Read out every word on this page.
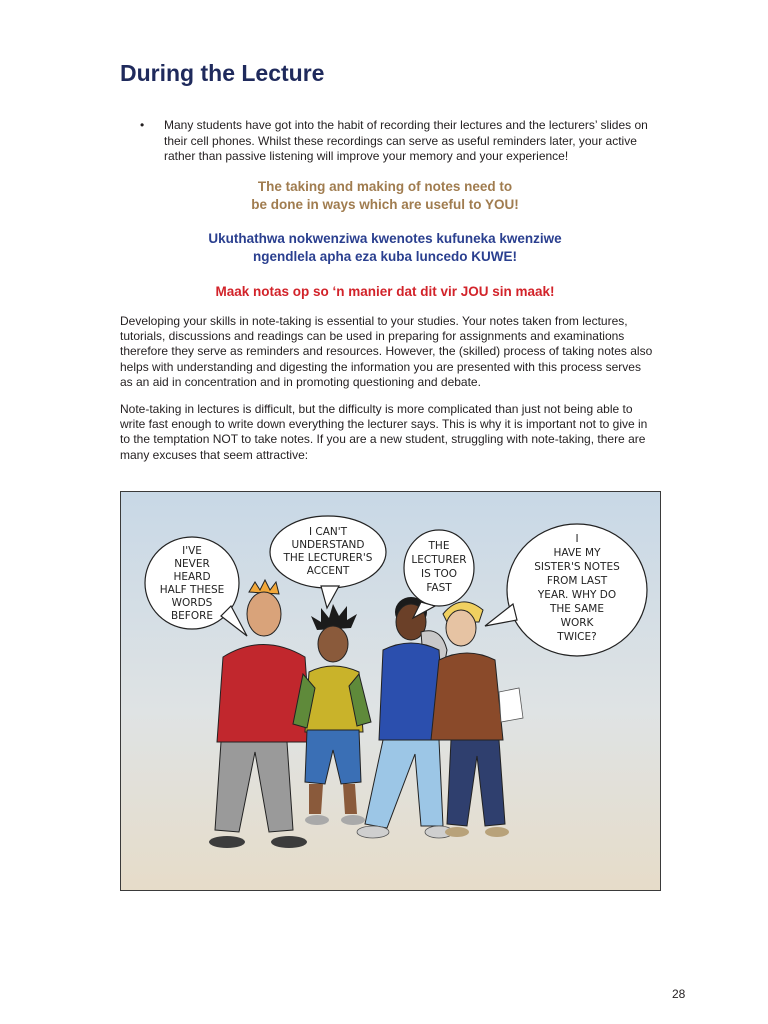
During the Lecture
• Many students have got into the habit of recording their lectures and the lecturers’ slides on their cell phones. Whilst these recordings can serve as useful reminders later, your active rather than passive listening will improve your memory and your experience!
The taking and making of notes need to
be done in ways which are useful to YOU!
Ukuthathwa nokwenziwa kwenotes kufuneka kwenziwe
ngendlela apha eza kuba luncedo KUWE!
Maak notas op so ‘n manier dat dit vir JOU sin maak!

Developing your skills in note-taking is essential to your studies. Your notes taken from lectures, tutorials, discussions and readings can be used in preparing for assignments and examinations therefore they serve as reminders and resources. However, the (skilled) process of taking notes also helps with understanding and digesting the information you are presented with this process serves as an aid in concentration and in promoting questioning and debate.

Note-taking in lectures is difficult, but the difficulty is more complicated than just not being able to write fast enough to write down everything the lecturer says. This is why it is important not to give in to the temptation NOT to take notes. If you are a new student, struggling with note-taking, there are many excuses that seem attractive:

I'VE
NEVER
HEARD
HALF THESE
WORDS
BEFORE
I CAN'T
UNDERSTAND
THE LECTURER'S
ACCENT
THE
LECTURER
IS TOO
FAST
I
HAVE MY
SISTER'S NOTES
FROM LAST
YEAR. WHY DO
THE SAME
WORK
TWICE?
28
